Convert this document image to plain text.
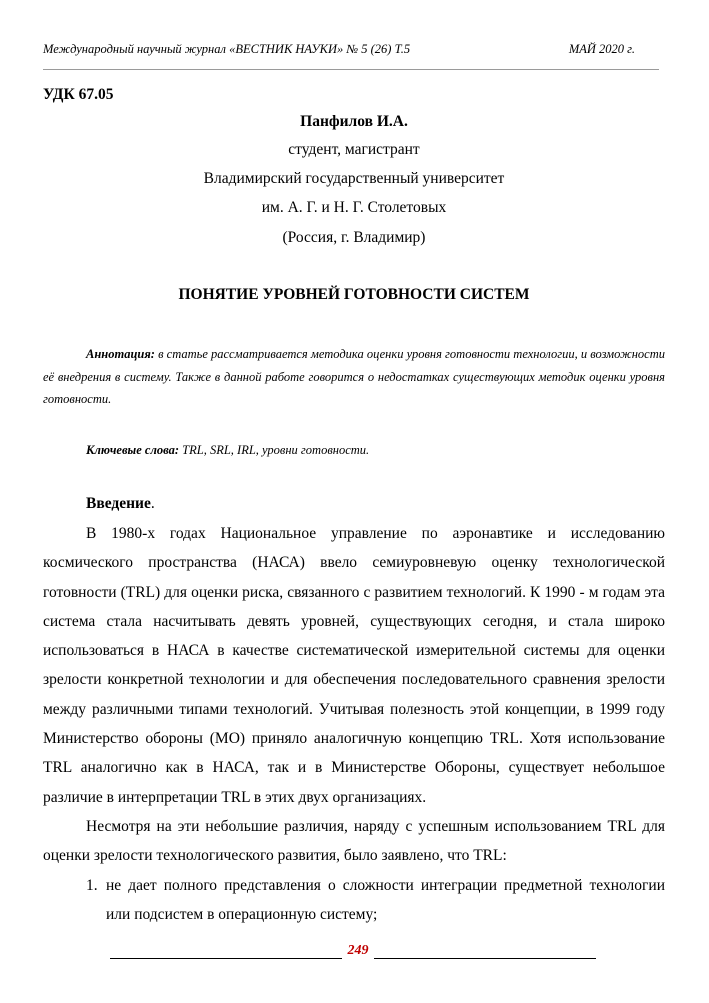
Международный научный журнал «ВЕСТНИК НАУКИ» № 5 (26) Т.5	МАЙ 2020 г.
УДК 67.05
Панфилов И.А.
студент, магистрант
Владимирский государственный университет
им. А. Г. и Н. Г. Столетовых
(Россия, г. Владимир)
ПОНЯТИЕ УРОВНЕЙ ГОТОВНОСТИ СИСТЕМ
Аннотация: в статье рассматривается методика оценки уровня готовности технологии, и возможности её внедрения в систему. Также в данной работе говорится о недостатках существующих методик оценки уровня готовности.
Ключевые слова: TRL, SRL, IRL, уровни готовности.
Введение.

В 1980-х годах Национальное управление по аэронавтике и исследованию космического пространства (НАСА) ввело семиуровневую оценку технологической готовности (TRL) для оценки риска, связанного с развитием технологий. К 1990 - м годам эта система стала насчитывать девять уровней, существующих сегодня, и стала широко использоваться в НАСА в качестве систематической измерительной системы для оценки зрелости конкретной технологии и для обеспечения последовательного сравнения зрелости между различными типами технологий. Учитывая полезность этой концепции, в 1999 году Министерство обороны (МО) приняло аналогичную концепцию TRL. Хотя использование TRL аналогично как в НАСА, так и в Министерстве Обороны, существует небольшое различие в интерпретации TRL в этих двух организациях.

Несмотря на эти небольшие различия, наряду с успешным использованием TRL для оценки зрелости технологического развития, было заявлено, что TRL:

1. не дает полного представления о сложности интеграции предметной технологии или подсистем в операционную систему;
249
